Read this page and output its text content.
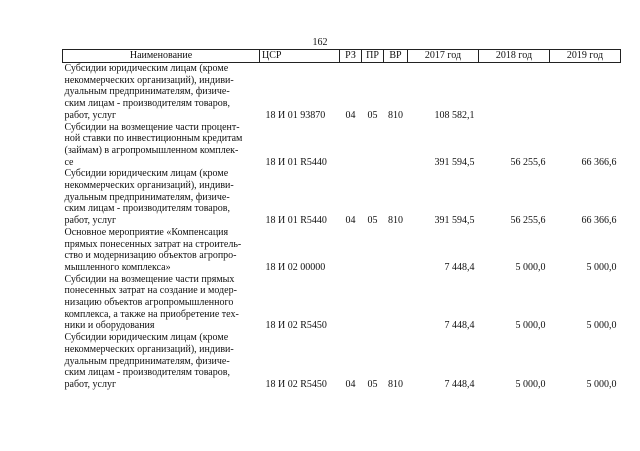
162
Наименование	ЦСР	РЗ	ПР	ВР	2017 год	2018 год	2019 год

Субсидии юридическим лицам (кроме
некоммерческих организаций), индиви-
дуальным предпринимателям, физиче-
ским лицам - производителям товаров,
работ, услуг	18 И 01 93870	04	05	810	108 582,1		

Субсидии на возмещение части процент-
ной ставки по инвестиционным кредитам
(займам) в агропромышленном комплек-
се	18 И 01 R5440				391 594,5	56 255,6	66 366,6

Субсидии юридическим лицам (кроме
некоммерческих организаций), индиви-
дуальным предпринимателям, физиче-
ским лицам - производителям товаров,
работ, услуг	18 И 01 R5440	04	05	810	391 594,5	56 255,6	66 366,6

Основное мероприятие «Компенсация
прямых понесенных затрат на строитель-
ство и модернизацию объектов агропро-
мышленного комплекса»	18 И 02 00000				7 448,4	5 000,0	5 000,0

Субсидии на возмещение части прямых
понесенных затрат на создание и модер-
низацию объектов агропромышленного
комплекса, а также на приобретение тех-
ники и оборудования	18 И 02 R5450				7 448,4	5 000,0	5 000,0

Субсидии юридическим лицам (кроме
некоммерческих организаций), индиви-
дуальным предпринимателям, физиче-
ским лицам - производителям товаров,
работ, услуг	18 И 02 R5450	04	05	810	7 448,4	5 000,0	5 000,0
